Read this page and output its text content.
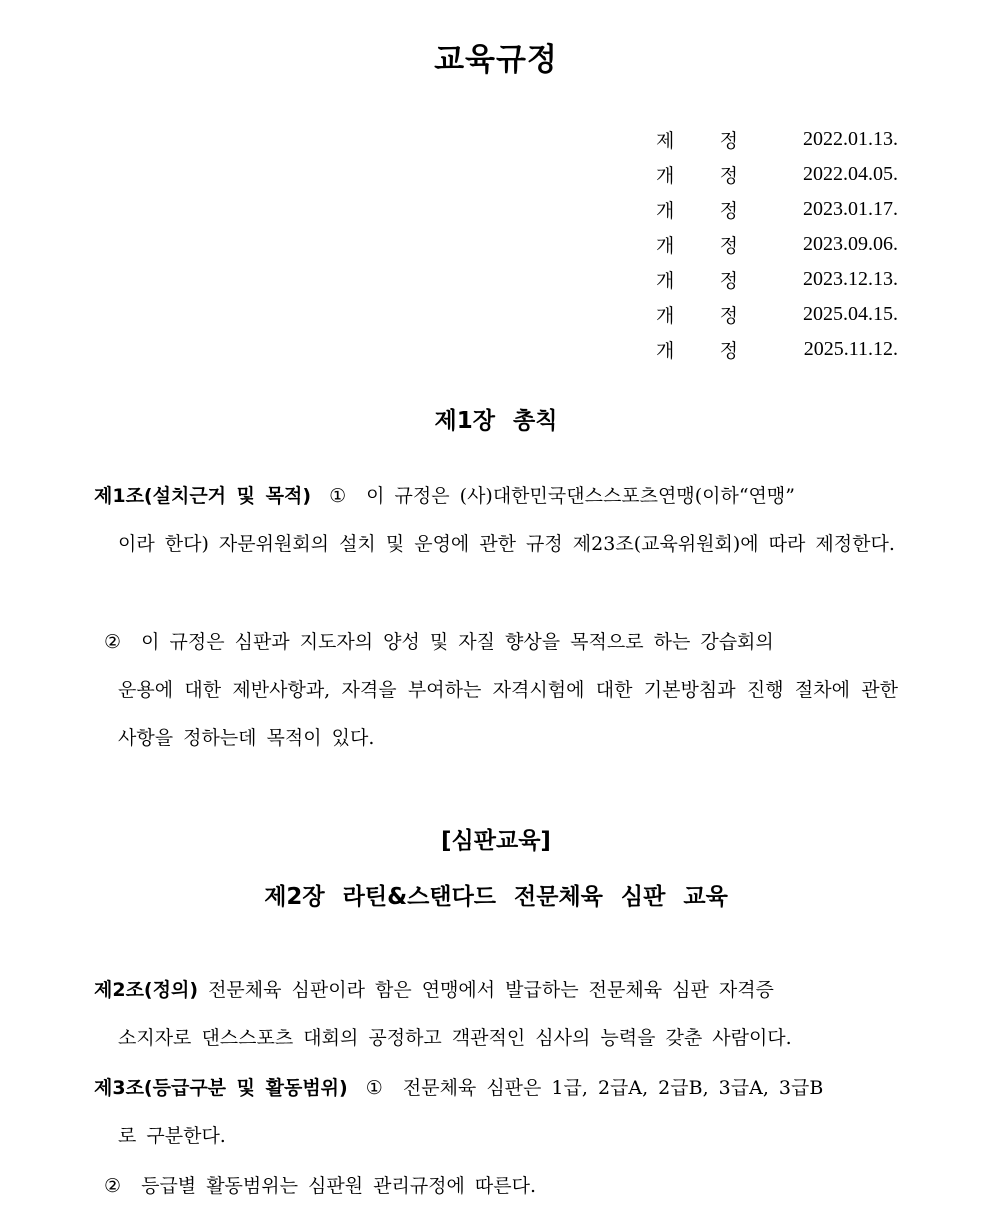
교육규정
제 정	2022.01.13.
개 정	2022.04.05.
개 정	2023.01.17.
개 정	2023.09.06.
개 정	2023.12.13.
개 정	2025.04.15.
개 정	2025.11.12.
제1장 총칙
제1조(설치근거 및 목적) ① 이 규정은 (사)대한민국댄스스포츠연맹(이하“연맹”
이라 한다) 자문위원회의 설치 및 운영에 관한 규정 제23조(교육위원회)에 따라 제정한다.
② 이 규정은 심판과 지도자의 양성 및 자질 향상을 목적으로 하는 강습회의
운용에 대한 제반사항과, 자격을 부여하는 자격시험에 대한 기본방침과 진행 절차에 관한 사항을 정하는데 목적이 있다.
[심판교육]
제2장 라틴&스탠다드 전문체육 심판 교육
제2조(정의) 전문체육 심판이라 함은 연맹에서 발급하는 전문체육 심판 자격증
소지자로 댄스스포츠 대회의 공정하고 객관적인 심사의 능력을 갖춘 사람이다.
제3조(등급구분 및 활동범위) ① 전문체육 심판은 1급, 2급A, 2급B, 3급A, 3급B
로 구분한다.
② 등급별 활동범위는 심판원 관리규정에 따른다.
